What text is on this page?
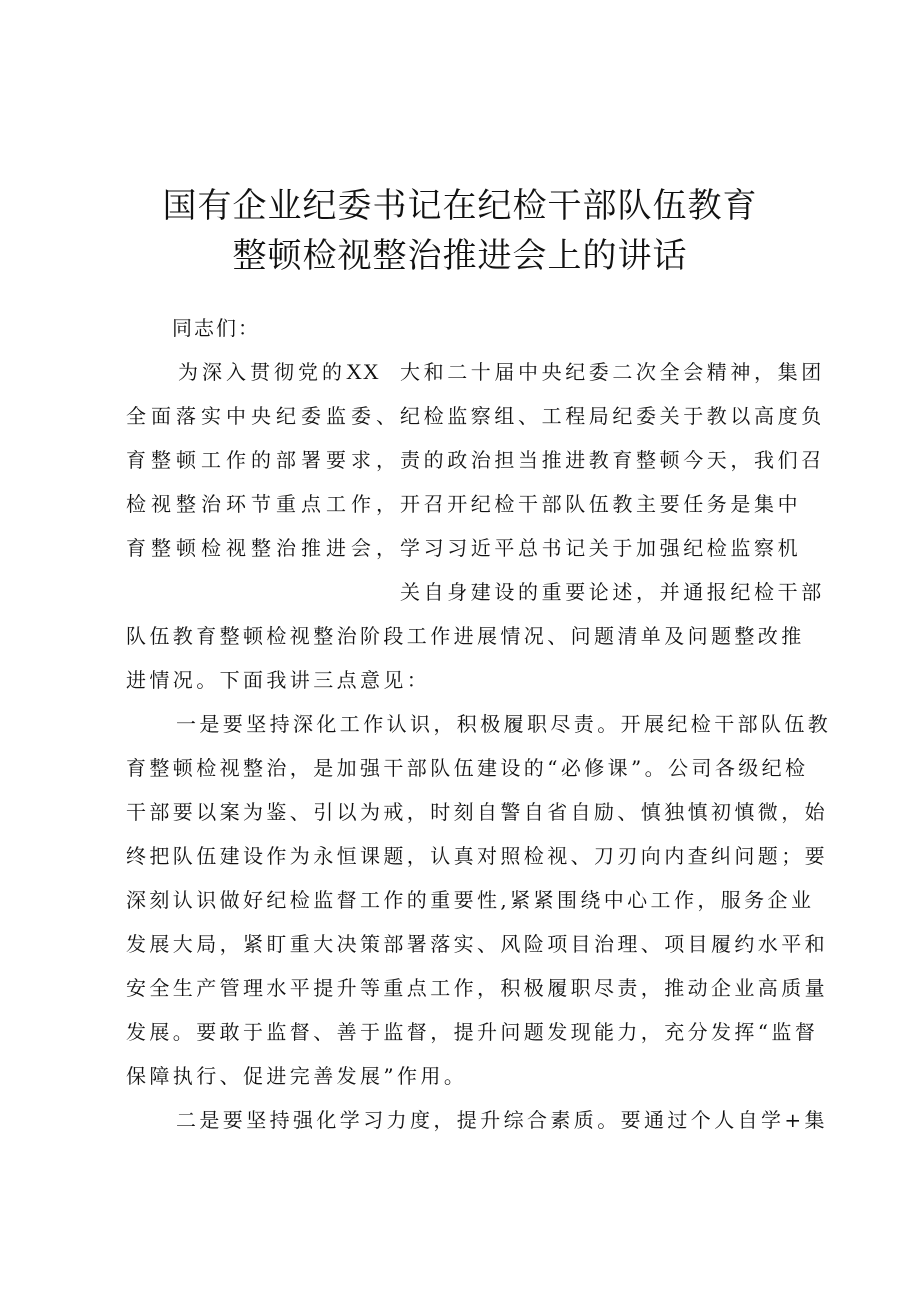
国有企业纪委书记在纪检干部队伍教育
整顿检视整治推进会上的讲话
同志们：
为深入贯彻党的XX
全面落实中央纪委监委、
育整顿工作的部署要求，
检视整治环节重点工作，
育整顿检视整治推进会，
大和二十届中央纪委二次全会精神，集团
纪检监察组、工程局纪委关于教以高度负
责的政治担当推进教育整顿今天，我们召
开召开纪检干部队伍教主要任务是集中
学习习近平总书记关于加强纪检监察机
关自身建设的重要论述，并通报纪检干部
队伍教育整顿检视整治阶段工作进展情况、问题清单及问题整改推
进情况。下面我讲三点意见：
一是要坚持深化工作认识，积极履职尽责。开展纪检干部队伍教
育整顿检视整治，是加强干部队伍建设的“必修课”。公司各级纪检
干部要以案为鉴、引以为戒，时刻自警自省自励、慎独慎初慎微，始
终把队伍建设作为永恒课题，认真对照检视、刀刃向内查纠问题；要
深刻认识做好纪检监督工作的重要性,紧紧围绕中心工作，服务企业
发展大局，紧盯重大决策部署落实、风险项目治理、项目履约水平和
安全生产管理水平提升等重点工作，积极履职尽责，推动企业高质量
发展。要敢于监督、善于监督，提升问题发现能力，充分发挥“监督
保障执行、促进完善发展”作用。
二是要坚持强化学习力度，提升综合素质。要通过个人自学+集
